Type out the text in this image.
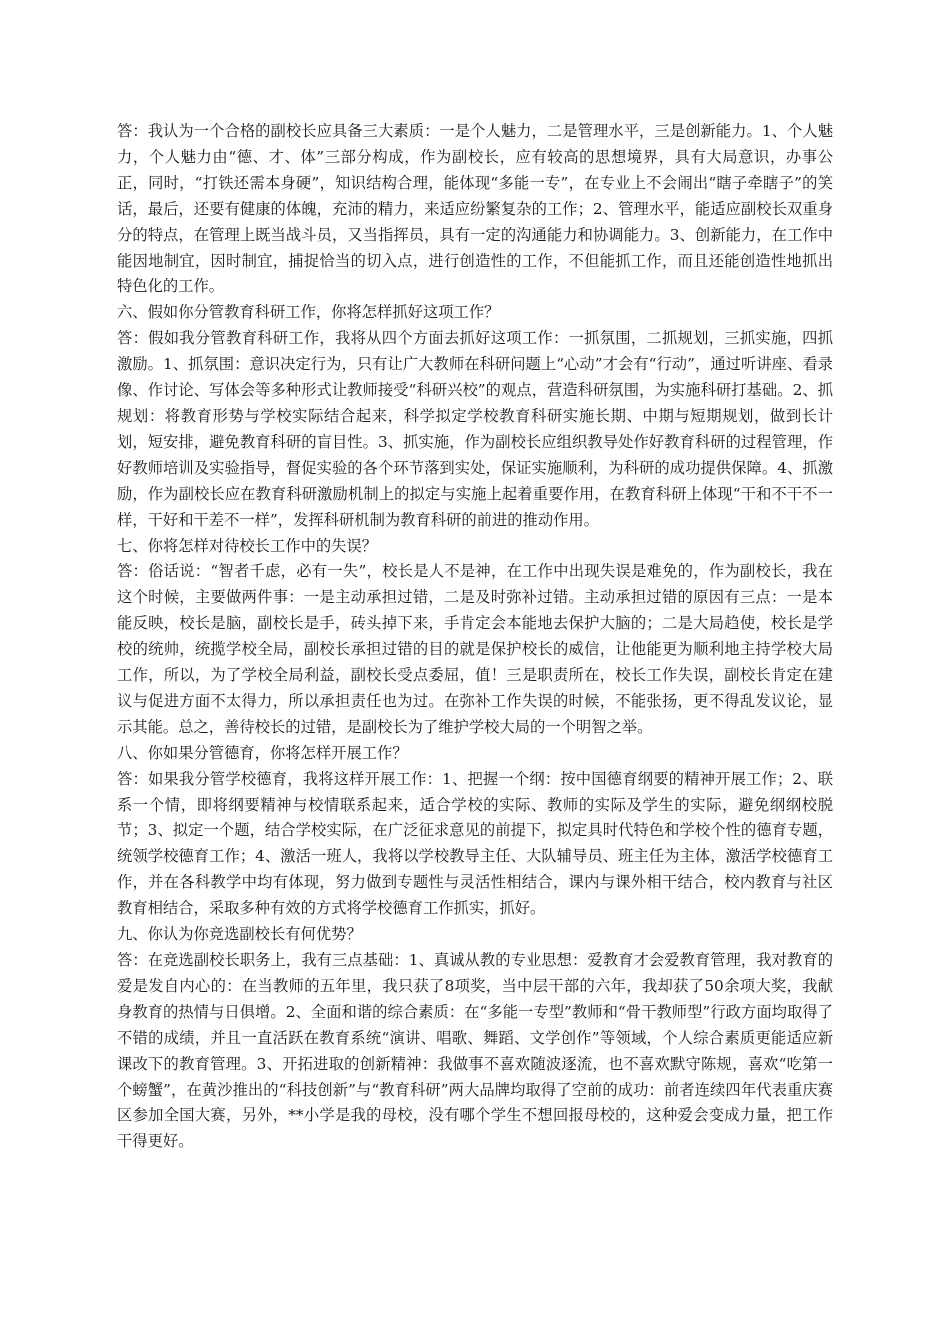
答：我认为一个合格的副校长应具备三大素质：一是个人魅力，二是管理水平，三是创新能力。1、个人魅力，个人魅力由“德、才、体”三部分构成，作为副校长，应有较高的思想境界，具有大局意识，办事公正，同时，“打铁还需本身硬”，知识结构合理，能体现“多能一专”，在专业上不会闹出“瞎子牵瞎子”的笑话，最后，还要有健康的体魄，充沛的精力，来适应纷繁复杂的工作；2、管理水平，能适应副校长双重身分的特点，在管理上既当战斗员，又当指挥员，具有一定的沟通能力和协调能力。3、创新能力，在工作中能因地制宜，因时制宜，捕捉恰当的切入点，进行创造性的工作，不但能抓工作，而且还能创造性地抓出特色化的工作。

六、假如你分管教育科研工作，你将怎样抓好这项工作？

答：假如我分管教育科研工作，我将从四个方面去抓好这项工作：一抓氛围，二抓规划，三抓实施，四抓激励。1、抓氛围：意识决定行为，只有让广大教师在科研问题上“心动”才会有“行动”，通过听讲座、看录像、作讨论、写体会等多种形式让教师接受“科研兴校”的观点，营造科研氛围，为实施科研打基础。2、抓规划：将教育形势与学校实际结合起来，科学拟定学校教育科研实施长期、中期与短期规划，做到长计划，短安排，避免教育科研的盲目性。3、抓实施，作为副校长应组织教导处作好教育科研的过程管理，作好教师培训及实验指导，督促实验的各个环节落到实处，保证实施顺利，为科研的成功提供保障。4、抓激励，作为副校长应在教育科研激励机制上的拟定与实施上起着重要作用，在教育科研上体现“干和不干不一样，干好和干差不一样”，发挥科研机制为教育科研的前进的推动作用。

七、你将怎样对待校长工作中的失误？

答：俗话说：“智者千虑，必有一失”，校长是人不是神，在工作中出现失误是难免的，作为副校长，我在这个时候，主要做两件事：一是主动承担过错，二是及时弥补过错。主动承担过错的原因有三点：一是本能反映，校长是脑，副校长是手，砖头掉下来，手肯定会本能地去保护大脑的；二是大局趋使，校长是学校的统帅，统揽学校全局，副校长承担过错的目的就是保护校长的威信，让他能更为顺利地主持学校大局工作，所以，为了学校全局利益，副校长受点委屈，值！三是职责所在，校长工作失误，副校长肯定在建议与促进方面不太得力，所以承担责任也为过。在弥补工作失误的时候，不能张扬，更不得乱发议论，显示其能。总之，善待校长的过错，是副校长为了维护学校大局的一个明智之举。

八、你如果分管德育，你将怎样开展工作？

答：如果我分管学校德育，我将这样开展工作：1、把握一个纲：按中国德育纲要的精神开展工作；2、联系一个情，即将纲要精神与校情联系起来，适合学校的实际、教师的实际及学生的实际，避免纲纲校脱节；3、拟定一个题，结合学校实际，在广泛征求意见的前提下，拟定具时代特色和学校个性的德育专题，统领学校德育工作；4、激活一班人，我将以学校教导主任、大队辅导员、班主任为主体，激活学校德育工作，并在各科教学中均有体现，努力做到专题性与灵活性相结合，课内与课外相干结合，校内教育与社区教育相结合，采取多种有效的方式将学校德育工作抓实，抓好。

九、你认为你竞选副校长有何优势？

答：在竞选副校长职务上，我有三点基础：1、真诚从教的专业思想：爱教育才会爱教育管理，我对教育的爱是发自内心的：在当教师的五年里，我只获了8项奖，当中层干部的六年，我却获了50余项大奖，我献身教育的热情与日俱增。2、全面和谐的综合素质：在“多能一专型”教师和“骨干教师型”行政方面均取得了不错的成绩，并且一直活跃在教育系统“演讲、唱歌、舞蹈、文学创作”等领域，个人综合素质更能适应新课改下的教育管理。3、开拓进取的创新精神：我做事不喜欢随波逐流，也不喜欢默守陈规，喜欢“吃第一个螃蟹”，在黄沙推出的“科技创新”与“教育科研”两大品牌均取得了空前的成功：前者连续四年代表重庆赛区参加全国大赛，另外，**小学是我的母校，没有哪个学生不想回报母校的，这种爱会变成力量，把工作干得更好。
